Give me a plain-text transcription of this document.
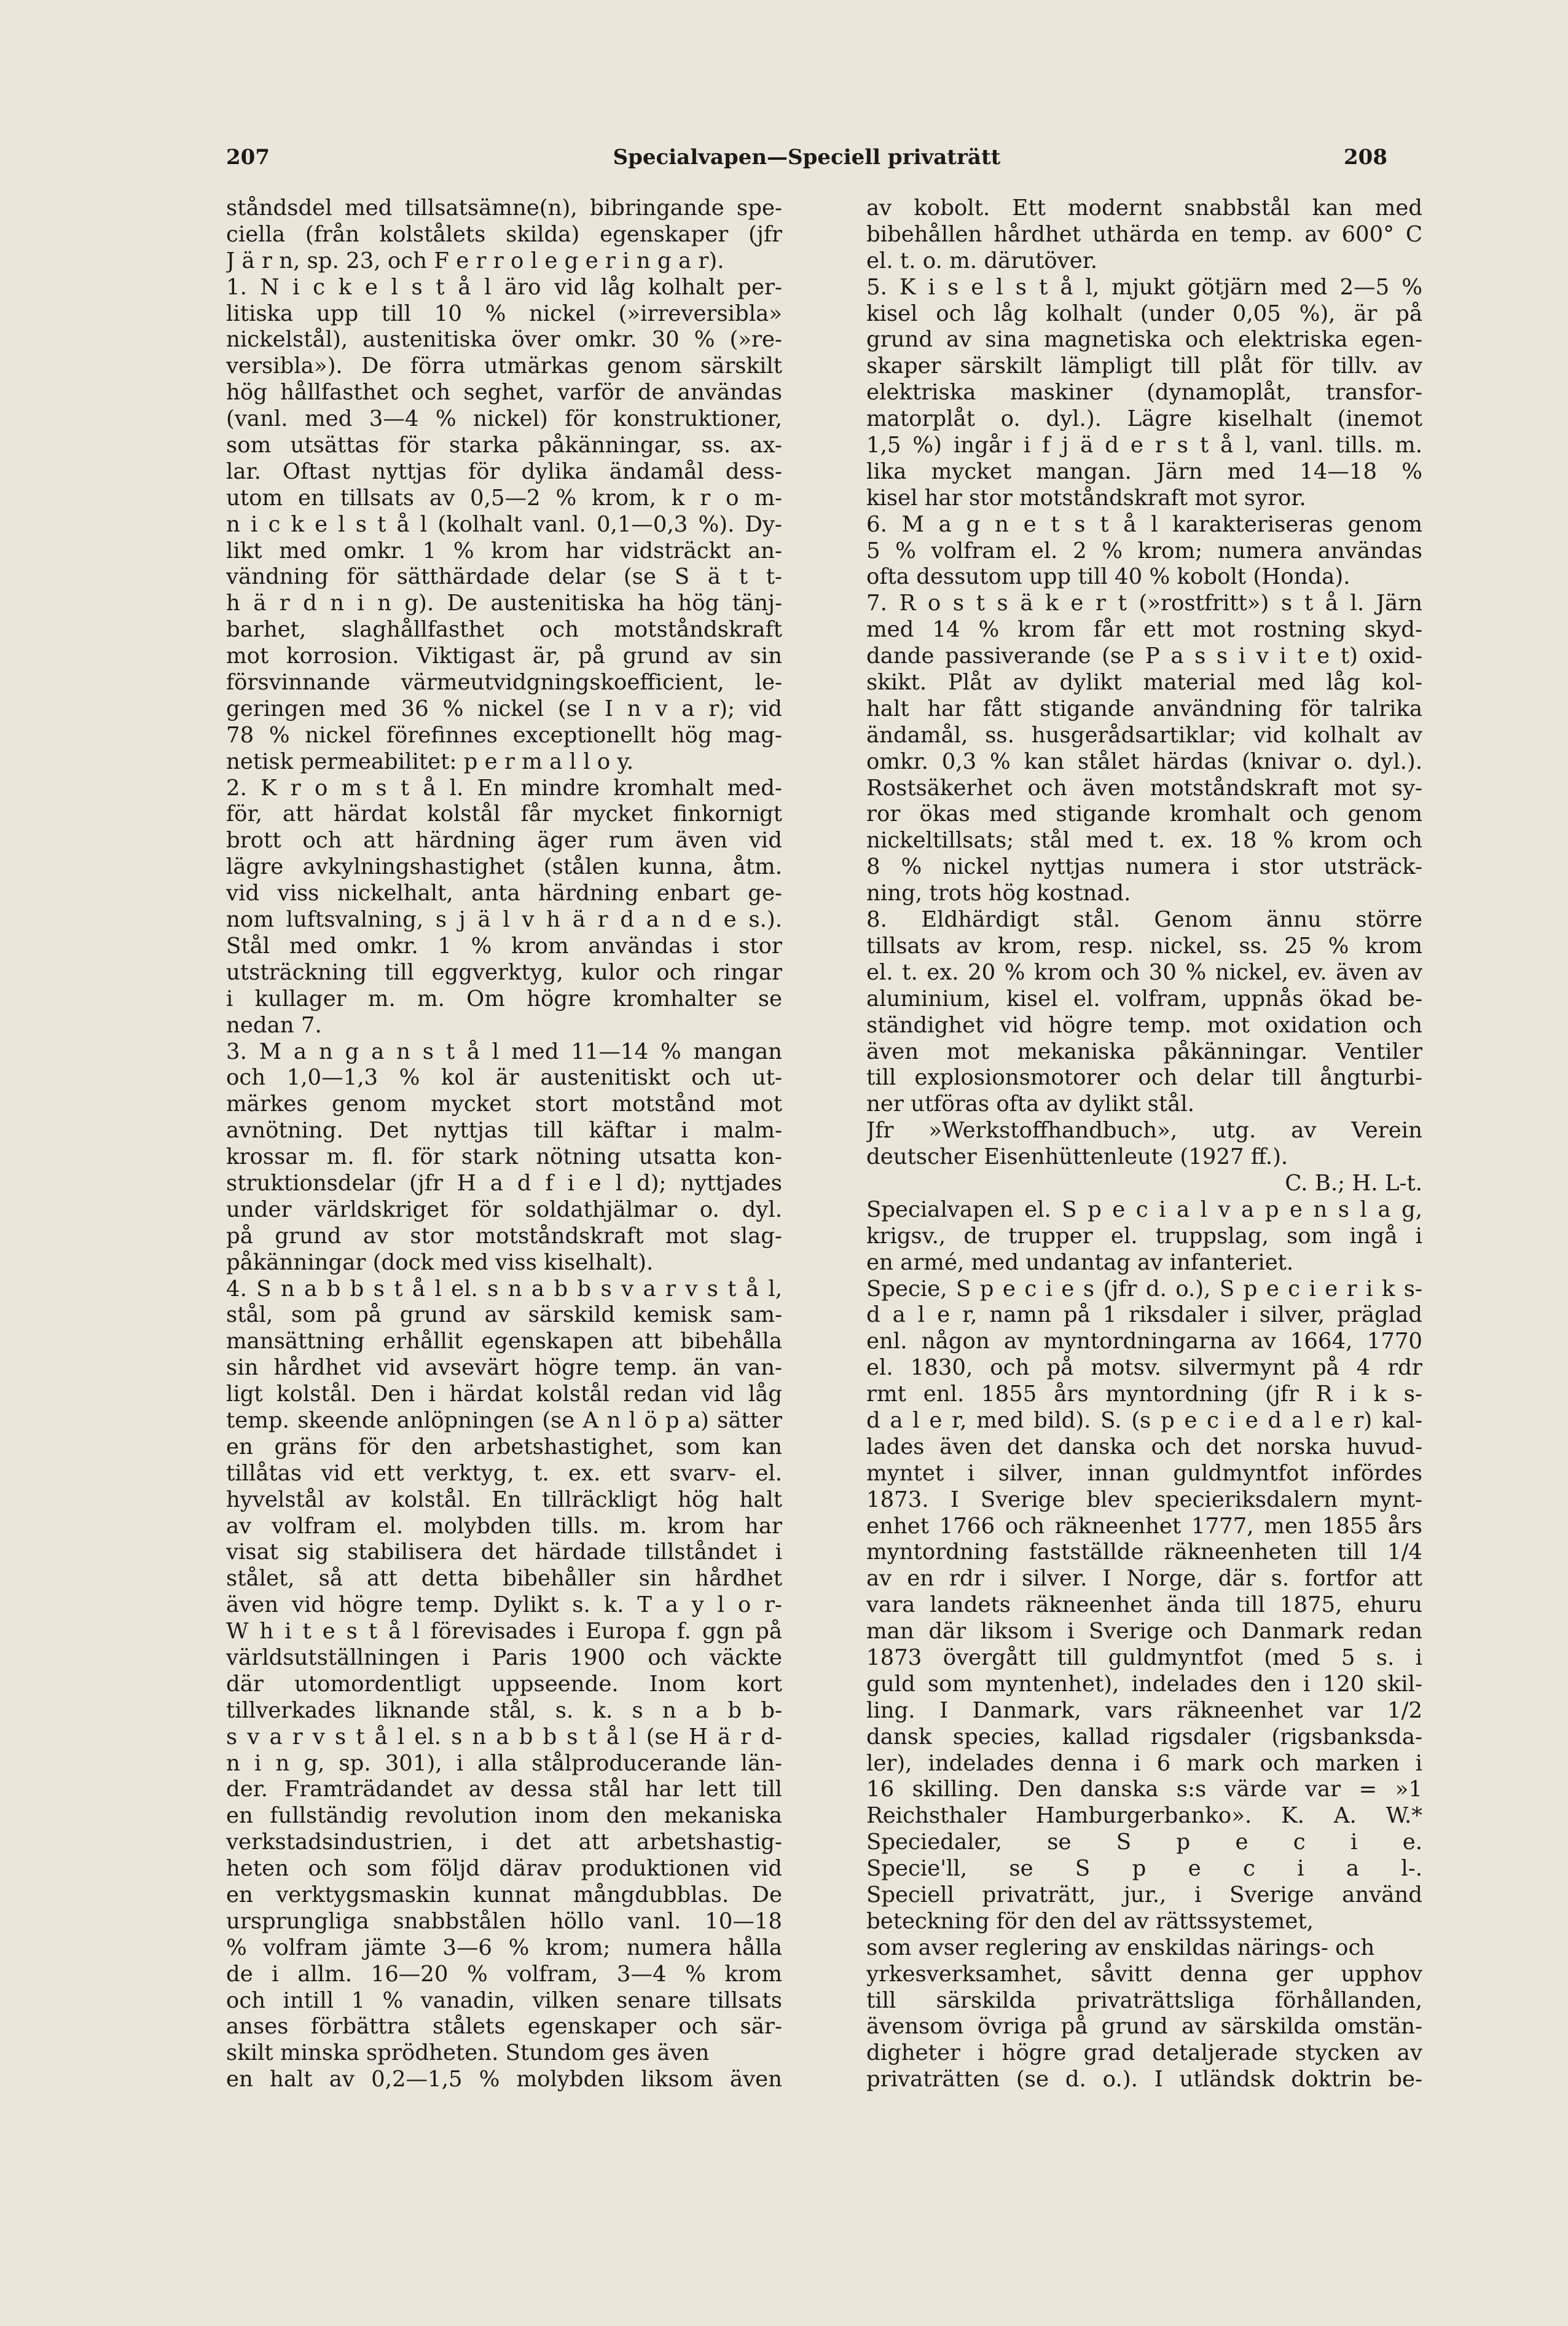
207	Specialvapen—Speciell privaträtt	208
ståndsdel med tillsatsämne(n), bibringande spe-
ciella (från kolstålets skilda) egenskaper (jfr
J ä r n, sp. 23, och F e r r o l e g e r i n g a r).
1. N i c k e l s t å l äro vid låg kolhalt per-
litiska upp till 10 % nickel (»irreversibla»
nickelstål), austenitiska över omkr. 30 % (»re-
versibla»). De förra utmärkas genom särskilt
hög hållfasthet och seghet, varför de användas
(vanl. med 3—4 % nickel) för konstruktioner,
som utsättas för starka påkänningar, ss. ax-
lar. Oftast nyttjas för dylika ändamål dess-
utom en tillsats av 0,5—2 % krom, k r o m-
n i c k e l s t å l (kolhalt vanl. 0,1—0,3 %). Dy-
likt med omkr. 1 % krom har vidsträckt an-
vändning för sätthärdade delar (se S ä t t-
h ä r d n i n g). De austenitiska ha hög tänj-
barhet, slaghållfasthet och motståndskraft
mot korrosion. Viktigast är, på grund av sin
försvinnande värmeutvidgningskoefficient, le-
geringen med 36 % nickel (se I n v a r); vid
78 % nickel förefinnes exceptionellt hög mag-
netisk permeabilitet: p e r m a l l o y.
2. K r o m s t å l. En mindre kromhalt med-
för, att härdat kolstål får mycket finkornigt
brott och att härdning äger rum även vid
lägre avkylningshastighet (stålen kunna, åtm.
vid viss nickelhalt, anta härdning enbart ge-
nom luftsvalning, s j ä l v h ä r d a n d e s.).
Stål med omkr. 1 % krom användas i stor
utsträckning till eggverktyg, kulor och ringar
i kullager m. m. Om högre kromhalter se
nedan 7.
3. M a n g a n s t å l med 11—14 % mangan
och 1,0—1,3 % kol är austenitiskt och ut-
märkes genom mycket stort motstånd mot
avnötning. Det nyttjas till käftar i malm-
krossar m. fl. för stark nötning utsatta kon-
struktionsdelar (jfr H a d f i e l d); nyttjades
under världskriget för soldathjälmar o. dyl.
på grund av stor motståndskraft mot slag-
påkänningar (dock med viss kiselhalt).
4. S n a b b s t å l el. s n a b b s v a r v s t å l,
stål, som på grund av särskild kemisk sam-
mansättning erhållit egenskapen att bibehålla
sin hårdhet vid avsevärt högre temp. än van-
ligt kolstål. Den i härdat kolstål redan vid låg
temp. skeende anlöpningen (se A n l ö p a) sätter
en gräns för den arbetshastighet, som kan
tillåtas vid ett verktyg, t. ex. ett svarv- el.
hyvelstål av kolstål. En tillräckligt hög halt
av volfram el. molybden tills. m. krom har
visat sig stabilisera det härdade tillståndet i
stålet, så att detta bibehåller sin hårdhet
även vid högre temp. Dylikt s. k. T a y l o r-
W h i t e s t å l förevisades i Europa f. ggn på
världsutställningen i Paris 1900 och väckte
där utomordentligt uppseende. Inom kort
tillverkades liknande stål, s. k. s n a b b-
s v a r v s t å l el. s n a b b s t å l (se H ä r d-
n i n g, sp. 301), i alla stålproducerande län-
der. Framträdandet av dessa stål har lett till
en fullständig revolution inom den mekaniska
verkstadsindustrien, i det att arbetshastig-
heten och som följd därav produktionen vid
en verktygsmaskin kunnat mångdubblas. De
ursprungliga snabbstålen höllo vanl. 10—18
% volfram jämte 3—6 % krom; numera hålla
de i allm. 16—20 % volfram, 3—4 % krom
och intill 1 % vanadin, vilken senare tillsats
anses förbättra stålets egenskaper och sär-
skilt minska sprödheten. Stundom ges även
en halt av 0,2—1,5 % molybden liksom även
av kobolt. Ett modernt snabbstål kan med
bibehållen hårdhet uthärda en temp. av 600° C
el. t. o. m. därutöver.
5. K i s e l s t å l, mjukt götjärn med 2—5 %
kisel och låg kolhalt (under 0,05 %), är på
grund av sina magnetiska och elektriska egen-
skaper särskilt lämpligt till plåt för tillv. av
elektriska maskiner (dynamoplåt, transfor-
matorplåt o. dyl.). Lägre kiselhalt (inemot
1,5 %) ingår i f j ä d e r s t å l, vanl. tills. m.
lika mycket mangan. Järn med 14—18 %
kisel har stor motståndskraft mot syror.
6. M a g n e t s t å l karakteriseras genom
5 % volfram el. 2 % krom; numera användas
ofta dessutom upp till 40 % kobolt (Honda).
7. R o s t s ä k e r t (»rostfritt») s t å l. Järn
med 14 % krom får ett mot rostning skyd-
dande passiverande (se P a s s i v i t e t) oxid-
skikt. Plåt av dylikt material med låg kol-
halt har fått stigande användning för talrika
ändamål, ss. husgerådsartiklar; vid kolhalt av
omkr. 0,3 % kan stålet härdas (knivar o. dyl.).
Rostsäkerhet och även motståndskraft mot sy-
ror ökas med stigande kromhalt och genom
nickeltillsats; stål med t. ex. 18 % krom och
8 % nickel nyttjas numera i stor utsträck-
ning, trots hög kostnad.
8. Eldhärdigt stål. Genom ännu större
tillsats av krom, resp. nickel, ss. 25 % krom
el. t. ex. 20 % krom och 30 % nickel, ev. även av
aluminium, kisel el. volfram, uppnås ökad be-
ständighet vid högre temp. mot oxidation och
även mot mekaniska påkänningar. Ventiler
till explosionsmotorer och delar till ångturbi-
ner utföras ofta av dylikt stål.
Jfr »Werkstoffhandbuch», utg. av Verein
deutscher Eisenhüttenleute (1927 ff.).
C. B.; H. L-t.
Specialvapen el. S p e c i a l v a p e n s l a g,
krigsv., de trupper el. truppslag, som ingå i
en armé, med undantag av infanteriet.
Specie, S p e c i e s (jfr d. o.), S p e c i e r i k s-
d a l e r, namn på 1 riksdaler i silver, präglad
enl. någon av myntordningarna av 1664, 1770
el. 1830, och på motsv. silvermynt på 4 rdr
rmt enl. 1855 års myntordning (jfr R i k s-
d a l e r, med bild). S. (s p e c i e d a l e r) kal-
lades även det danska och det norska huvud-
myntet i silver, innan guldmyntfot infördes
1873. I Sverige blev specieriksdalern mynt-
enhet 1766 och räkneenhet 1777, men 1855 års
myntordning fastställde räkneenheten till 1/4
av en rdr i silver. I Norge, där s. fortfor att
vara landets räkneenhet ända till 1875, ehuru
man där liksom i Sverige och Danmark redan
1873 övergått till guldmyntfot (med 5 s. i
guld som myntenhet), indelades den i 120 skil-
ling. I Danmark, vars räkneenhet var 1/2
dansk species, kallad rigsdaler (rigsbanksda-
ler), indelades denna i 6 mark och marken i
16 skilling. Den danska s:s värde var = »1
Reichsthaler Hamburgerbanko». K. A. W.*
Speciedaler, se S p e c i e.
Specie'll, se S p e c i a l-.
Speciell privaträtt, jur., i Sverige använd
beteckning för den del av rättssystemet,
som avser reglering av enskildas närings- och
yrkesverksamhet, såvitt denna ger upphov
till särskilda privaträttsliga förhållanden,
ävensom övriga på grund av särskilda omstän-
digheter i högre grad detaljerade stycken av
privaträtten (se d. o.). I utländsk doktrin be-
